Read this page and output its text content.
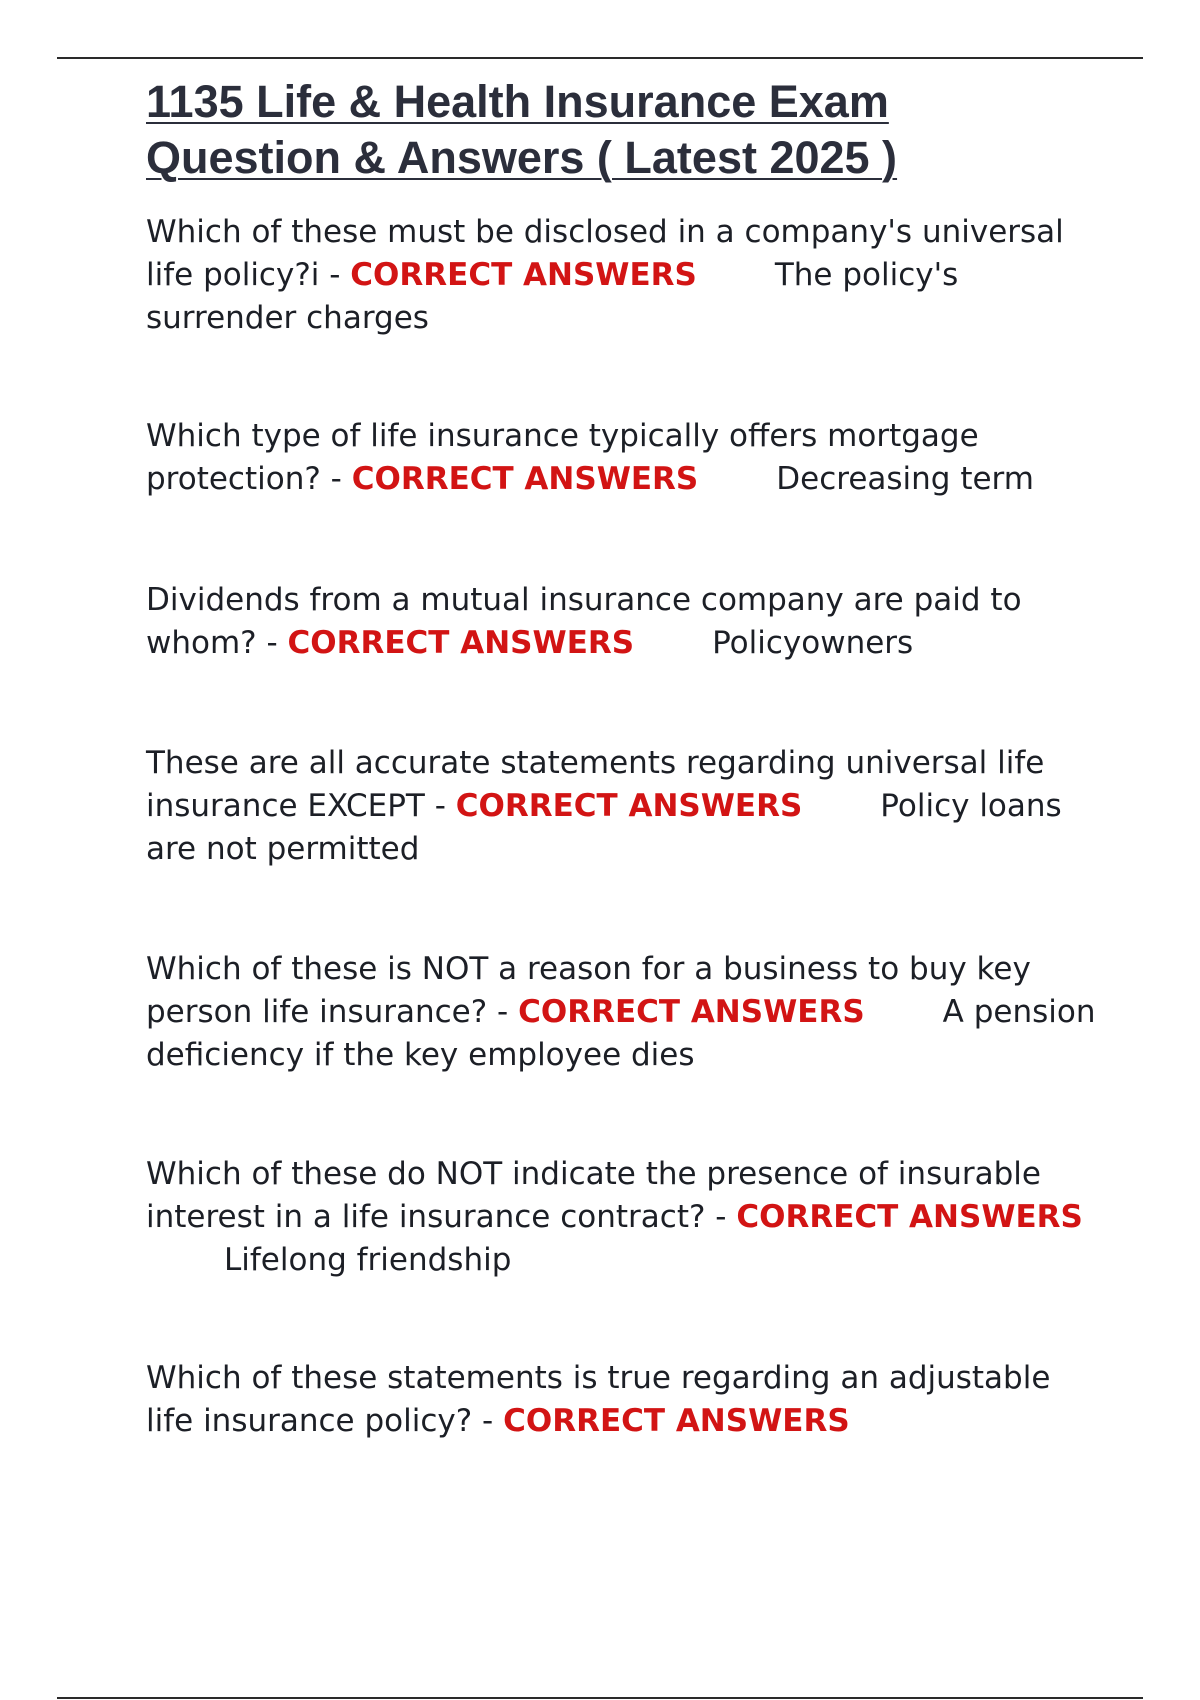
1135 Life & Health Insurance Exam
Question & Answers ( Latest 2025 )

Which of these must be disclosed in a company's universal life policy?i - CORRECT ANSWERS	The policy's surrender charges

Which type of life insurance typically offers mortgage protection? - CORRECT ANSWERS	Decreasing term

Dividends from a mutual insurance company are paid to whom? - CORRECT ANSWERS	Policyowners

These are all accurate statements regarding universal life insurance EXCEPT - CORRECT ANSWERS	Policy loans are not permitted

Which of these is NOT a reason for a business to buy key person life insurance? - CORRECT ANSWERS	A pension deficiency if the key employee dies

Which of these do NOT indicate the presence of insurable interest in a life insurance contract? - CORRECT ANSWERSLifelong friendship

Which of these statements is true regarding an adjustable life insurance policy? - CORRECT ANSWERS
